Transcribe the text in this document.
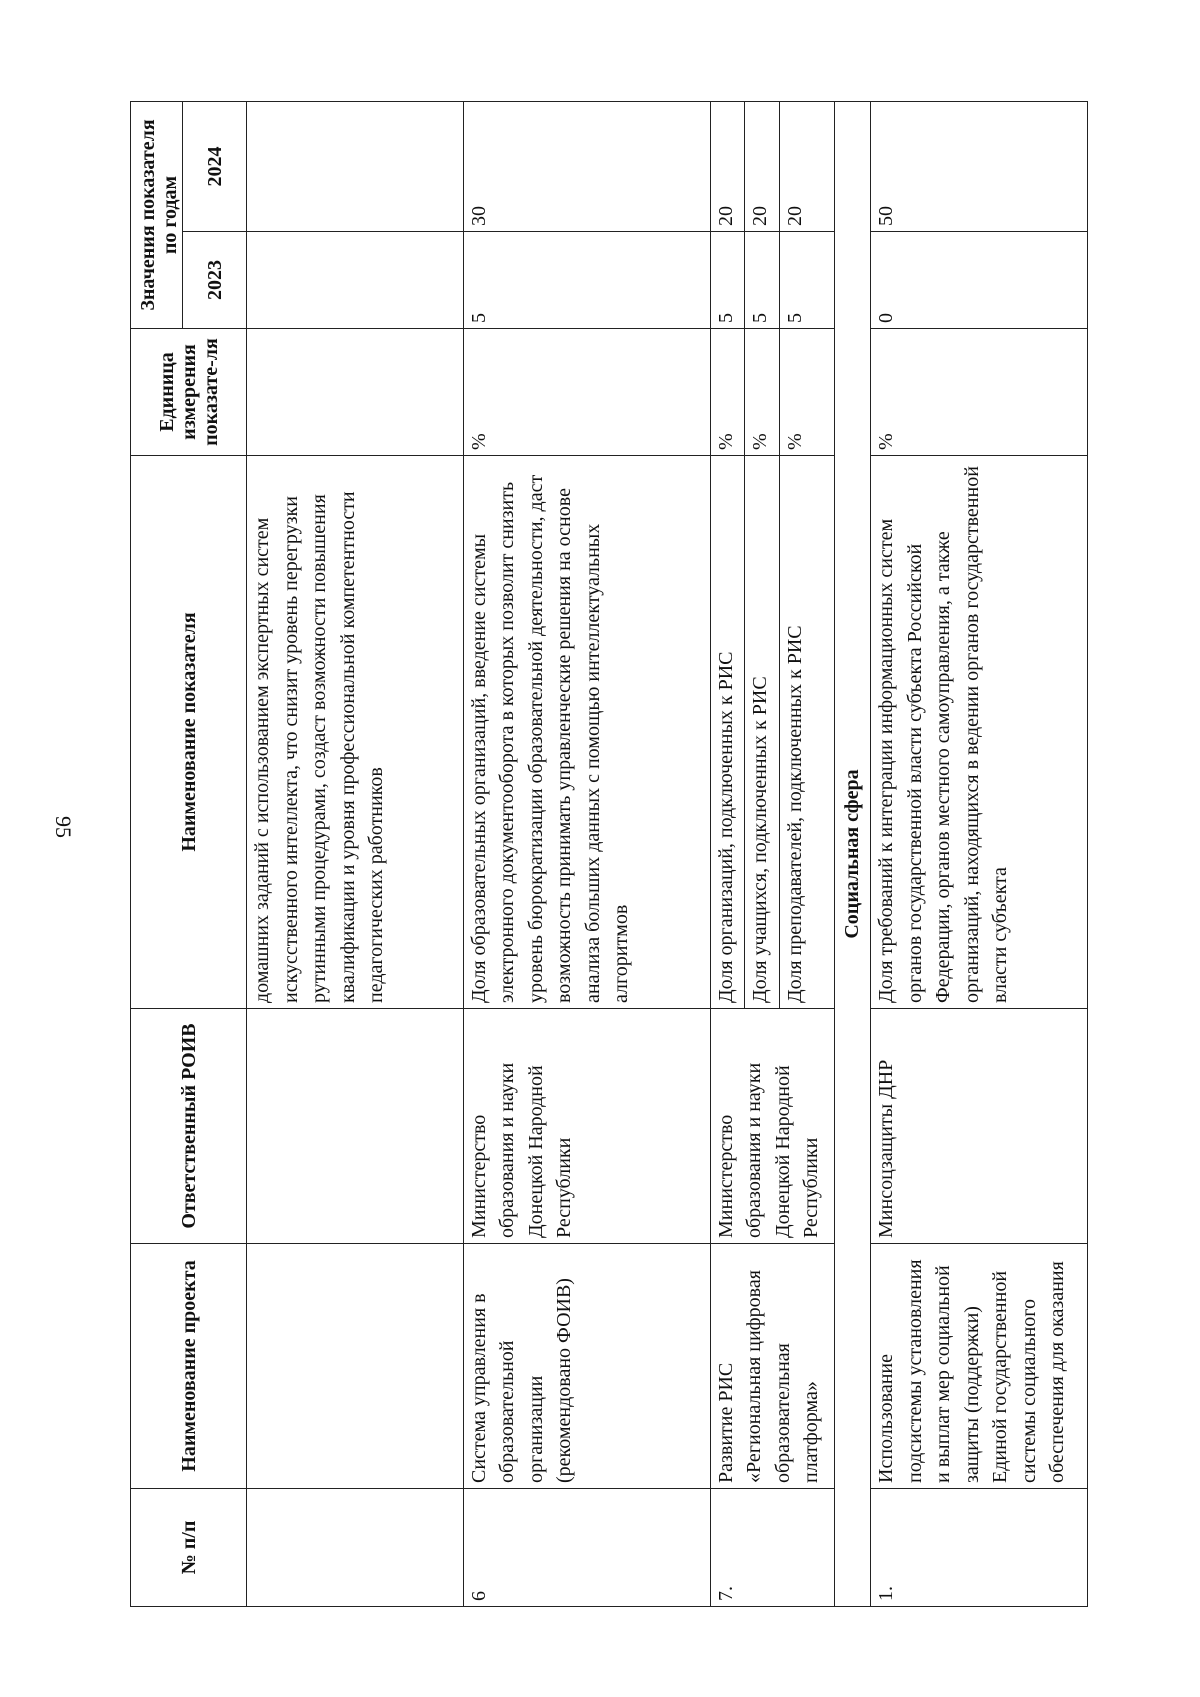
95
№ п/п	Наименование проекта	Ответственный РОИВ	Наименование показателя	Единица измерения показате-ля	Значения показателя по годам	
					2023	2024
			домашних заданий с использованием экспертных систем искусственного интеллекта, что снизит уровень перегрузки рутинными процедурами, создаст возможности повышения квалификации и уровня профессиональной компетентности педагогических работников			
6	Система управления в образовательной организации (рекомендовано ФОИВ)	Министерство образования и науки Донецкой Народной Республики	Доля образовательных организаций, введение системы электронного документооборота в которых позволит снизить уровень бюрократизации образовательной деятельности, даст возможность принимать управленческие решения на основе анализа больших данных с помощью интеллектуальных алгоритмов	%	5	30
7.	Развитие РИС «Региональная цифровая образовательная платформа»	Министерство образования и науки Донецкой Народной Республики	Доля организаций, подключенных к РИС	%	5	20
			Доля учащихся, подключенных к РИС	%	5	20
			Доля преподавателей, подключенных к РИС	%	5	20
Социальная сфера						
1.	Использование подсистемы установления и выплат мер социальной защиты (поддержки) Единой государственной системы социального обеспечения для оказания	Минсоцзащиты ДНР	Доля требований к интеграции информационных систем органов государственной власти субъекта Российской Федерации, органов местного самоуправления, а также организаций, находящихся в ведении органов государственной власти субъекта	%	0	50
